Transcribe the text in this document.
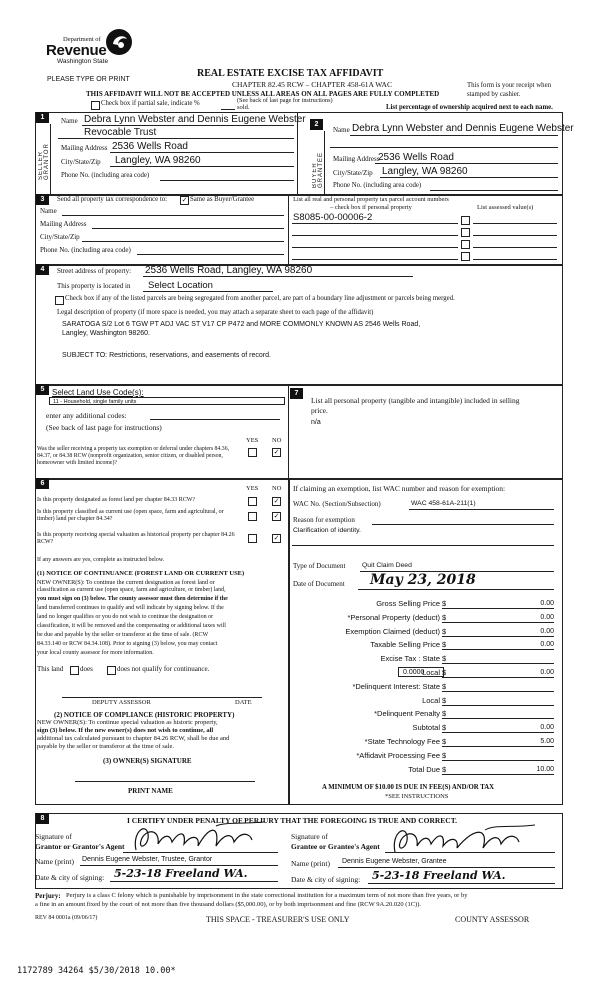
Department of
Revenue
Washington State
PLEASE TYPE OR PRINT
REAL ESTATE EXCISE TAX AFFIDAVIT
CHAPTER 82.45 RCW – CHAPTER 458-61A WAC
THIS AFFIDAVIT WILL NOT BE ACCEPTED UNLESS ALL AREAS ON ALL PAGES ARE FULLY COMPLETED
This form is your receipt when stamped by cashier.
Check box if partial sale, indicate %
sold.
(See back of last page for instructions)
List percentage of ownership acquired next to each name.
1
SELLER GRANTOR
Name Debra Lynn Webster and Dennis Eugene Webster
Revocable Trust
Mailing Address 2536 Wells Road
City/State/Zip Langley, WA 98260
Phone No. (including area code)
2
BUYER GRANTEE
Name Debra Lynn Webster and Dennis Eugene Webster
Mailing Address
2536 Wells Road
City/State/Zip Langley, WA 98260
Phone No. (including area code)
3	Send all property tax correspondence to: ✓ Same as Buyer/Grantee
Name
Mailing Address
City/State/Zip
Phone No. (including area code)
List all real and personal property tax parcel account numbers – check box if personal property	List assessed value(s)
S8085-00-00006-2
4	Street address of property: 2536 Wells Road, Langley, WA 98260
This property is located in Select Location
Check box if any of the listed parcels are being segregated from another parcel, are part of a boundary line adjustment or parcels being merged.
Legal description of property (if more space is needed, you may attach a separate sheet to each page of the affidavit)
SARATOGA S/2 Lot 6 TGW PT ADJ VAC ST V17 CP P472 and MORE COMMONLY KNOWN AS 2546 Wells Road,
Langley, Washington 98260.
SUBJECT TO: Restrictions, reservations, and easements of record.
5 Select Land Use Code(s):
11 - Household, single family units
enter any additional codes:
(See back of last page for instructions)
YES NO
Was the seller receiving a property tax exemption or deferral under chapters 84.36, 84.37, or 84.38 RCW (nonprofit organization, senior citizen, or disabled person, homeowner with limited income)?
✓
7
List all personal property (tangible and intangible) included in selling
price.
n/a
6
YES NO
Is this property designated as forest land per chapter 84.33 RCW?	✓
Is this property classified as current use (open space, farm and agricultural, or timber) land per chapter 84.34?	✓
Is this property receiving special valuation as historical property per chapter 84.26 RCW?	✓
If any answers are yes, complete as instructed below.
(1) NOTICE OF CONTINUANCE (FOREST LAND OR CURRENT USE)
NEW OWNER(S): To continue the current designation as forest land or
classification as current use (open space, farm and agriculture, or timber) land,
you must sign on (3) below. The county assessor must then determine if the
land transferred continues to qualify and will indicate by signing below. If the
land no longer qualifies or you do not wish to continue the designation or
classification, it will be removed and the compensating or additional taxes will
be due and payable by the seller or transferor at the time of sale. (RCW
84.33.140 or RCW 84.34.108). Prior to signing (3) below, you may contact
your local county assessor for more information.
This land does	does not qualify for continuance.
DEPUTY ASSESSOR	DATE
(2) NOTICE OF COMPLIANCE (HISTORIC PROPERTY)
NEW OWNER(S): To continue special valuation as historic property,
sign (3) below. If the new owner(s) does not wish to continue, all
additional tax calculated pursuant to chapter 84.26 RCW, shall be due and
payable by the seller or transferor at the time of sale.
(3) OWNER(S) SIGNATURE
PRINT NAME
If claiming an exemption, list WAC number and reason for exemption:
WAC No. (Section/Subsection)	WAC 458-61A-211(1)
Reason for exemption
Clarification of identity.
Type of Document Quit Claim Deed
Date of Document May 23, 2018
Gross Selling Price $	0.00
*Personal Property (deduct) $	0.00
Exemption Claimed (deduct) $	0.00
Taxable Selling Price $	0.00
Excise Tax : State $
Local $	0.00
*Delinquent Interest: State $
Local $
*Delinquent Penalty $
Subtotal $	0.00
*State Technology Fee $	5.00
*Affidavit Processing Fee $
Total Due $	10.00
0.0000
A MINIMUM OF $10.00 IS DUE IN FEE(S) AND/OR TAX
*SEE INSTRUCTIONS
8	I CERTIFY UNDER PENALTY OF PERJURY THAT THE FOREGOING IS TRUE AND CORRECT.
Signature of
Grantor or Grantor's Agent
Name (print) Dennis Eugene Webster, Trustee, Grantor
Date & city of signing: 5-23-18 Freeland WA.
Signature of
Grantee or Grantee's Agent
Name (print) Dennis Eugene Webster, Grantee
Date & city of signing: 5-23-18 Freeland WA.
Perjury: Perjury is a class C felony which is punishable by imprisonment in the state correctional institution for a maximum term of not more than five years, or by
a fine in an amount fixed by the court of not more than five thousand dollars ($5,000.00), or by both imprisonment and fine (RCW 9A.20.020 (1C)).
REV 84 0001a (09/06/17)	THIS SPACE - TREASURER'S USE ONLY	COUNTY ASSESSOR
1172789 34264 $5/30/2018 10.00*
